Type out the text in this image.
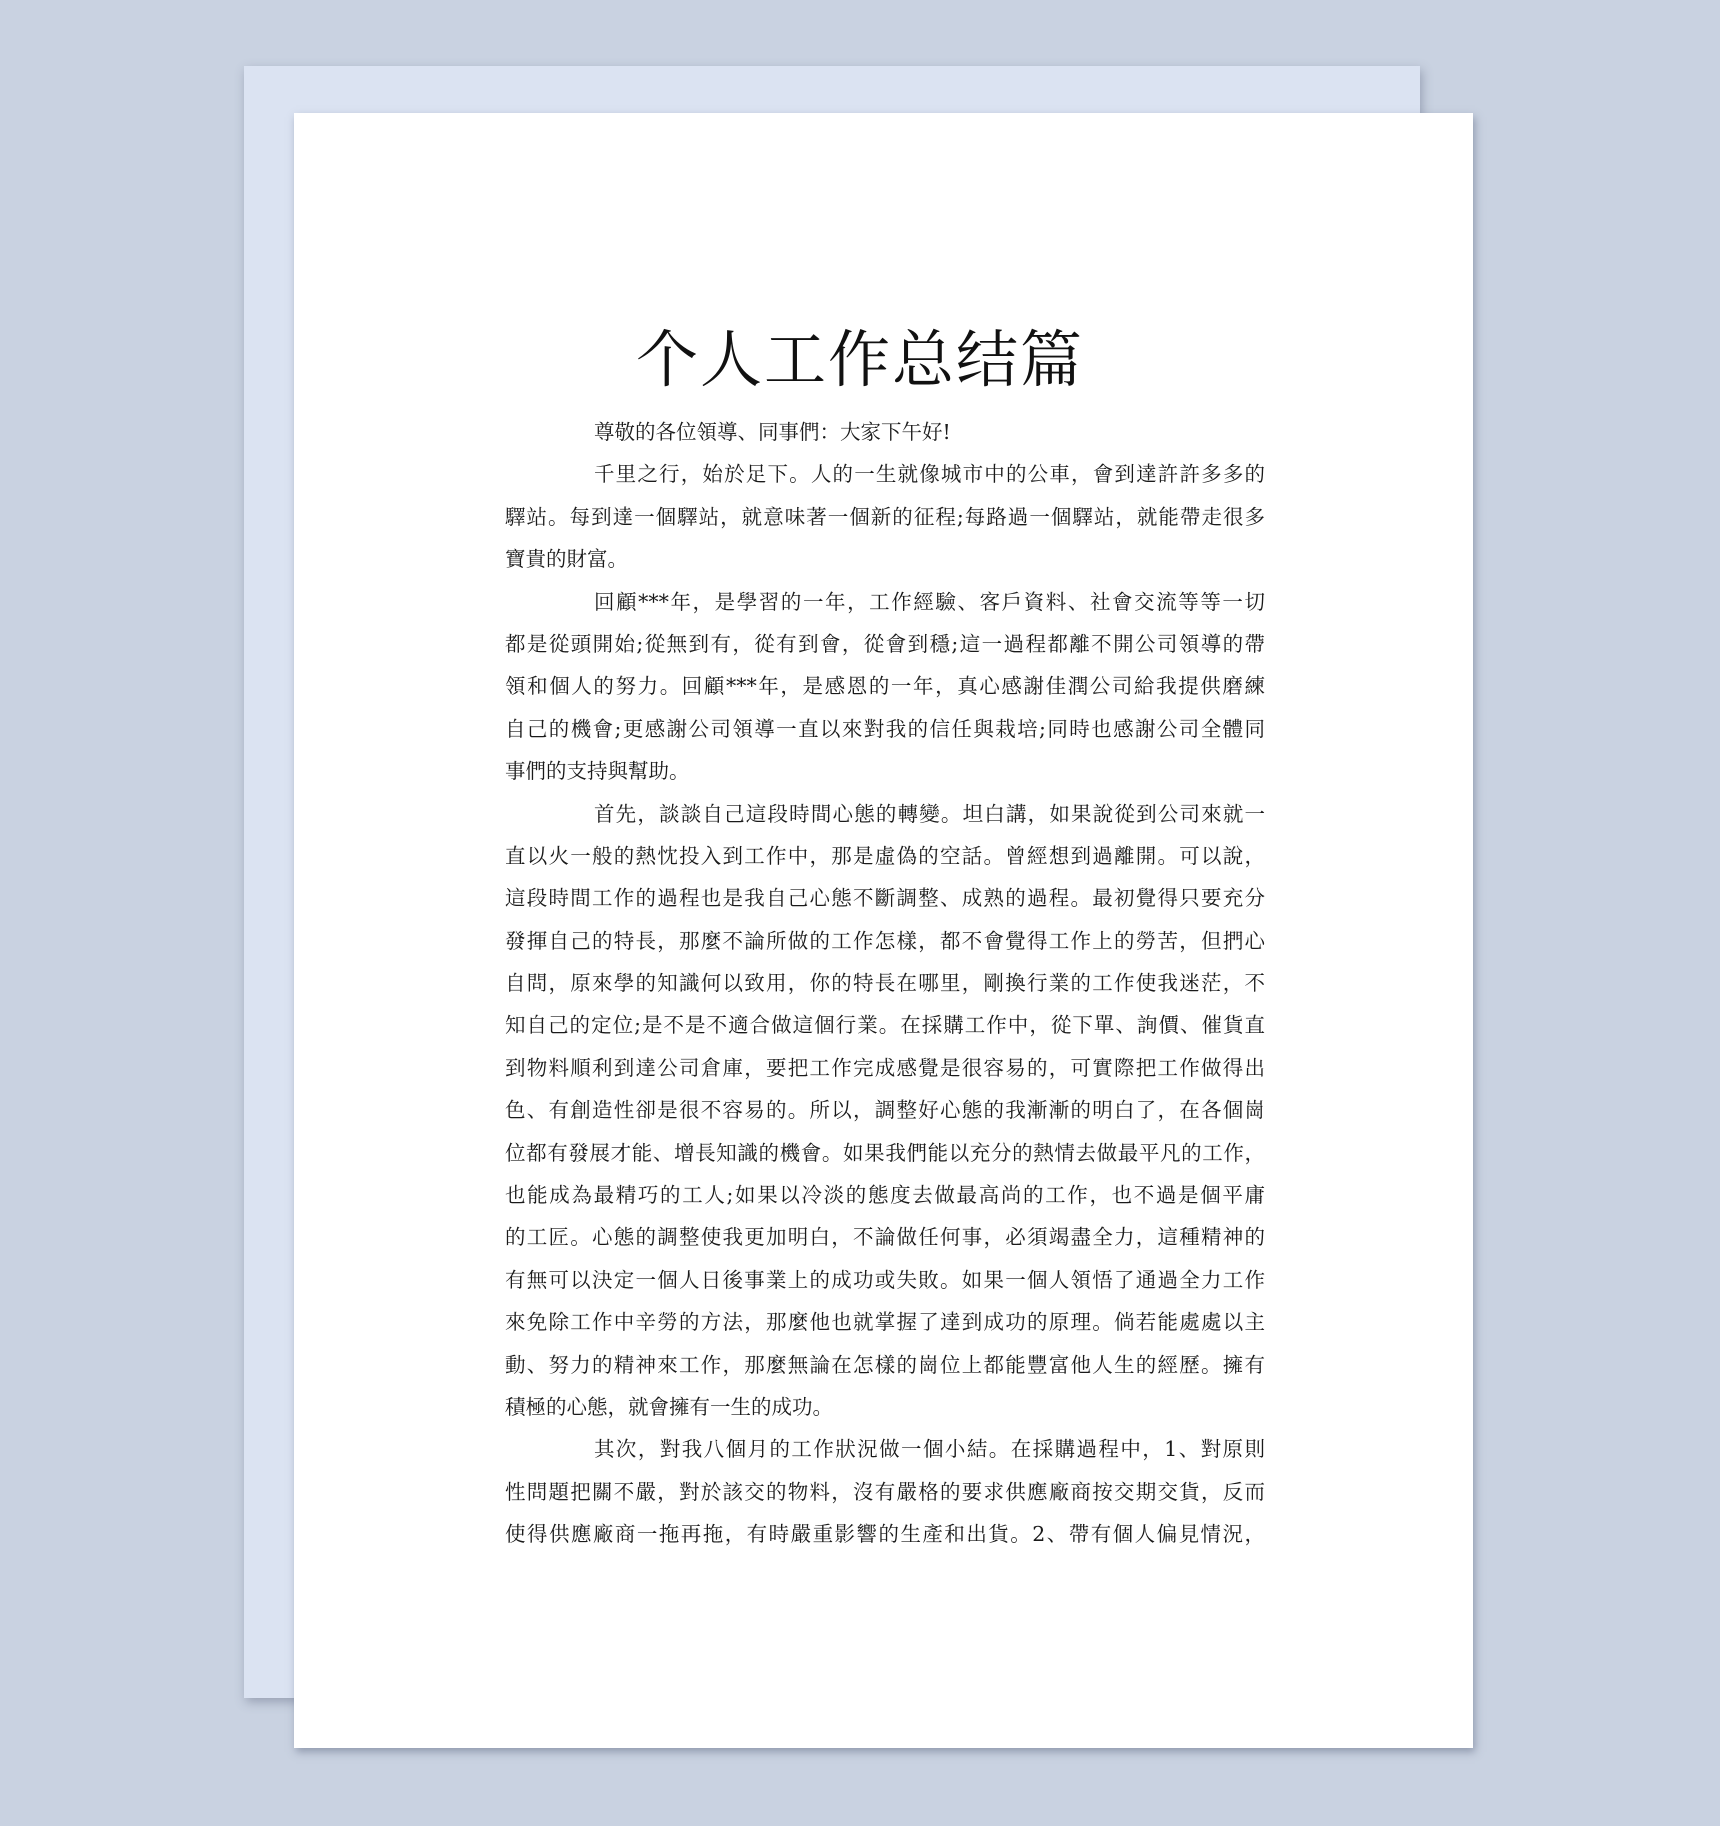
个人工作总结篇
尊敬的各位領導、同事們：大家下午好!
千里之行，始於足下。人的一生就像城市中的公車，會到達許許多多的
驛站。每到達一個驛站，就意味著一個新的征程;每路過一個驛站，就能帶走很多
寶貴的財富。
回顧***年，是學習的一年，工作經驗、客戶資料、社會交流等等一切
都是從頭開始;從無到有，從有到會，從會到穩;這一過程都離不開公司領導的帶
領和個人的努力。回顧***年，是感恩的一年，真心感謝佳潤公司給我提供磨練
自己的機會;更感謝公司領導一直以來對我的信任與栽培;同時也感謝公司全體同
事們的支持與幫助。
首先，談談自己這段時間心態的轉變。坦白講，如果說從到公司來就一
直以火一般的熱忱投入到工作中，那是虛偽的空話。曾經想到過離開。可以說，
這段時間工作的過程也是我自己心態不斷調整、成熟的過程。最初覺得只要充分
發揮自己的特長，那麼不論所做的工作怎樣，都不會覺得工作上的勞苦，但捫心
自問，原來學的知識何以致用，你的特長在哪里，剛換行業的工作使我迷茫，不
知自己的定位;是不是不適合做這個行業。在採購工作中，從下單、詢價、催貨直
到物料順利到達公司倉庫，要把工作完成感覺是很容易的，可實際把工作做得出
色、有創造性卻是很不容易的。所以，調整好心態的我漸漸的明白了，在各個崗
位都有發展才能、增長知識的機會。如果我們能以充分的熱情去做最平凡的工作，
也能成為最精巧的工人;如果以冷淡的態度去做最高尚的工作，也不過是個平庸
的工匠。心態的調整使我更加明白，不論做任何事，必須竭盡全力，這種精神的
有無可以決定一個人日後事業上的成功或失敗。如果一個人領悟了通過全力工作
來免除工作中辛勞的方法，那麼他也就掌握了達到成功的原理。倘若能處處以主
動、努力的精神來工作，那麼無論在怎樣的崗位上都能豐富他人生的經歷。擁有
積極的心態，就會擁有一生的成功。
其次，對我八個月的工作狀況做一個小結。在採購過程中，1、對原則
性問題把關不嚴，對於該交的物料，沒有嚴格的要求供應廠商按交期交貨，反而
使得供應廠商一拖再拖，有時嚴重影響的生產和出貨。2、帶有個人偏見情況，
